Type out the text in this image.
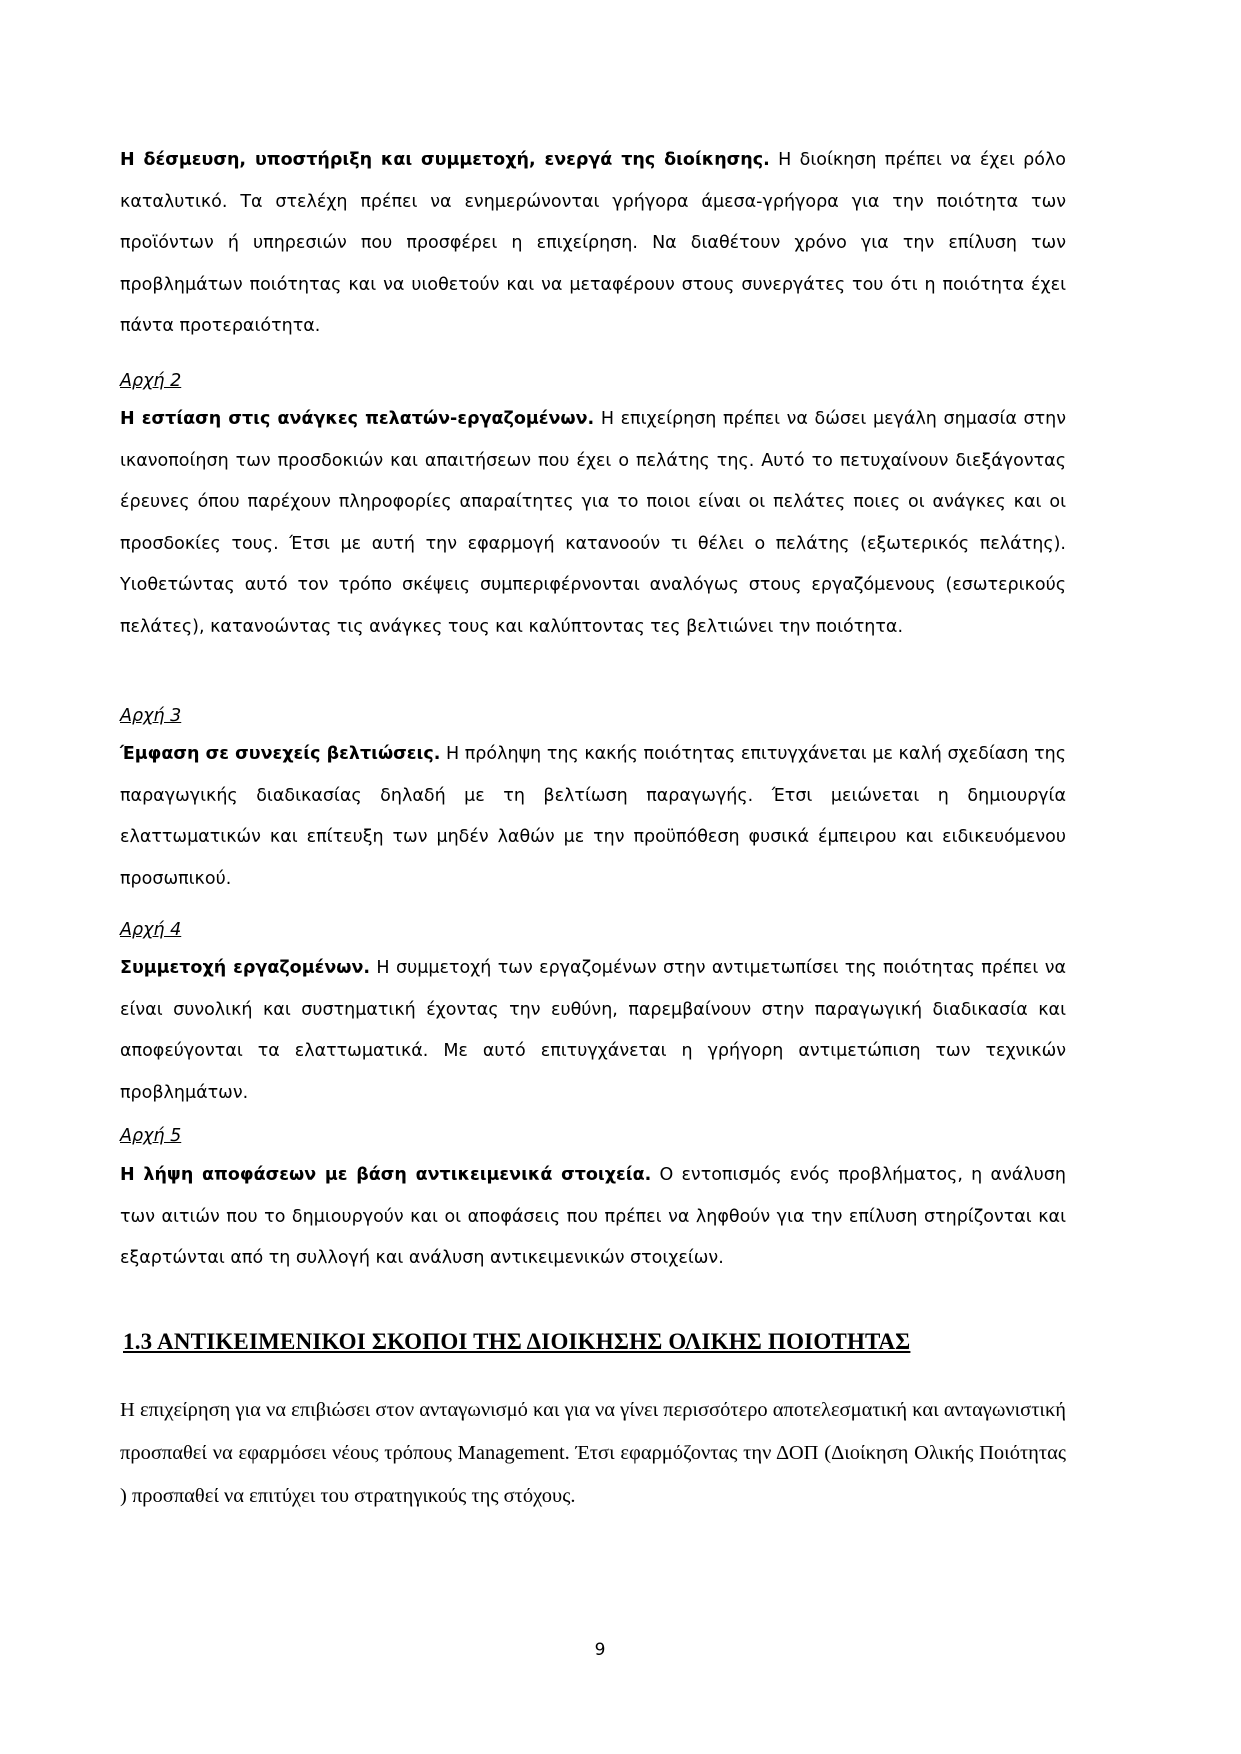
Η δέσμευση, υποστήριξη και συμμετοχή, ενεργά της διοίκησης. Η διοίκηση πρέπει να έχει ρόλο καταλυτικό. Τα στελέχη πρέπει να ενημερώνονται γρήγορα άμεσα-γρήγορα για την ποιότητα των προϊόντων ή υπηρεσιών που προσφέρει η επιχείρηση. Να διαθέτουν χρόνο για την επίλυση των προβλημάτων ποιότητας και να υιοθετούν και να μεταφέρουν στους συνεργάτες του ότι η ποιότητα έχει πάντα προτεραιότητα.

Αρχή 2

Η εστίαση στις ανάγκες πελατών-εργαζομένων. Η επιχείρηση πρέπει να δώσει μεγάλη σημασία στην ικανοποίηση των προσδοκιών και απαιτήσεων που έχει ο πελάτης της. Αυτό το πετυχαίνουν διεξάγοντας έρευνες όπου παρέχουν πληροφορίες απαραίτητες για το ποιοι είναι οι πελάτες ποιες οι ανάγκες και οι προσδοκίες τους. Έτσι με αυτή την εφαρμογή κατανοούν τι θέλει ο πελάτης (εξωτερικός πελάτης). Υιοθετώντας αυτό τον τρόπο σκέψεις συμπεριφέρνονται αναλόγως στους εργαζόμενους (εσωτερικούς πελάτες), κατανοώντας τις ανάγκες τους και καλύπτοντας τες βελτιώνει την ποιότητα.

Αρχή 3

Έμφαση σε συνεχείς βελτιώσεις. Η πρόληψη της κακής ποιότητας επιτυγχάνεται με καλή σχεδίαση της παραγωγικής διαδικασίας δηλαδή με τη βελτίωση παραγωγής. Έτσι μειώνεται η δημιουργία ελαττωματικών και επίτευξη των μηδέν λαθών με την προϋπόθεση φυσικά έμπειρου και ειδικευόμενου προσωπικού.

Αρχή 4

Συμμετοχή εργαζομένων. Η συμμετοχή των εργαζομένων στην αντιμετωπίσει της ποιότητας πρέπει να είναι συνολική και συστηματική έχοντας την ευθύνη, παρεμβαίνουν στην παραγωγική διαδικασία και αποφεύγονται τα ελαττωματικά. Με αυτό επιτυγχάνεται η γρήγορη αντιμετώπιση των τεχνικών προβλημάτων.

Αρχή 5

Η λήψη αποφάσεων με βάση αντικειμενικά στοιχεία. Ο εντοπισμός ενός προβλήματος, η ανάλυση των αιτιών που το δημιουργούν και οι αποφάσεις που πρέπει να ληφθούν για την επίλυση στηρίζονται και εξαρτώνται από τη συλλογή και ανάλυση αντικειμενικών στοιχείων.

1.3 ΑΝΤΙΚΕΙΜΕΝΙΚΟΙ ΣΚΟΠΟΙ ΤΗΣ ΔΙΟΙΚΗΣΗΣ ΟΛΙΚΗΣ ΠΟΙΟΤΗΤΑΣ

Η επιχείρηση για να επιβιώσει στον ανταγωνισμό και για να γίνει περισσότερο αποτελεσματική και ανταγωνιστική προσπαθεί να εφαρμόσει νέους τρόπους Management. Έτσι εφαρμόζοντας την ΔΟΠ (Διοίκηση Ολικής Ποιότητας ) προσπαθεί να επιτύχει του στρατηγικούς της στόχους.

9
